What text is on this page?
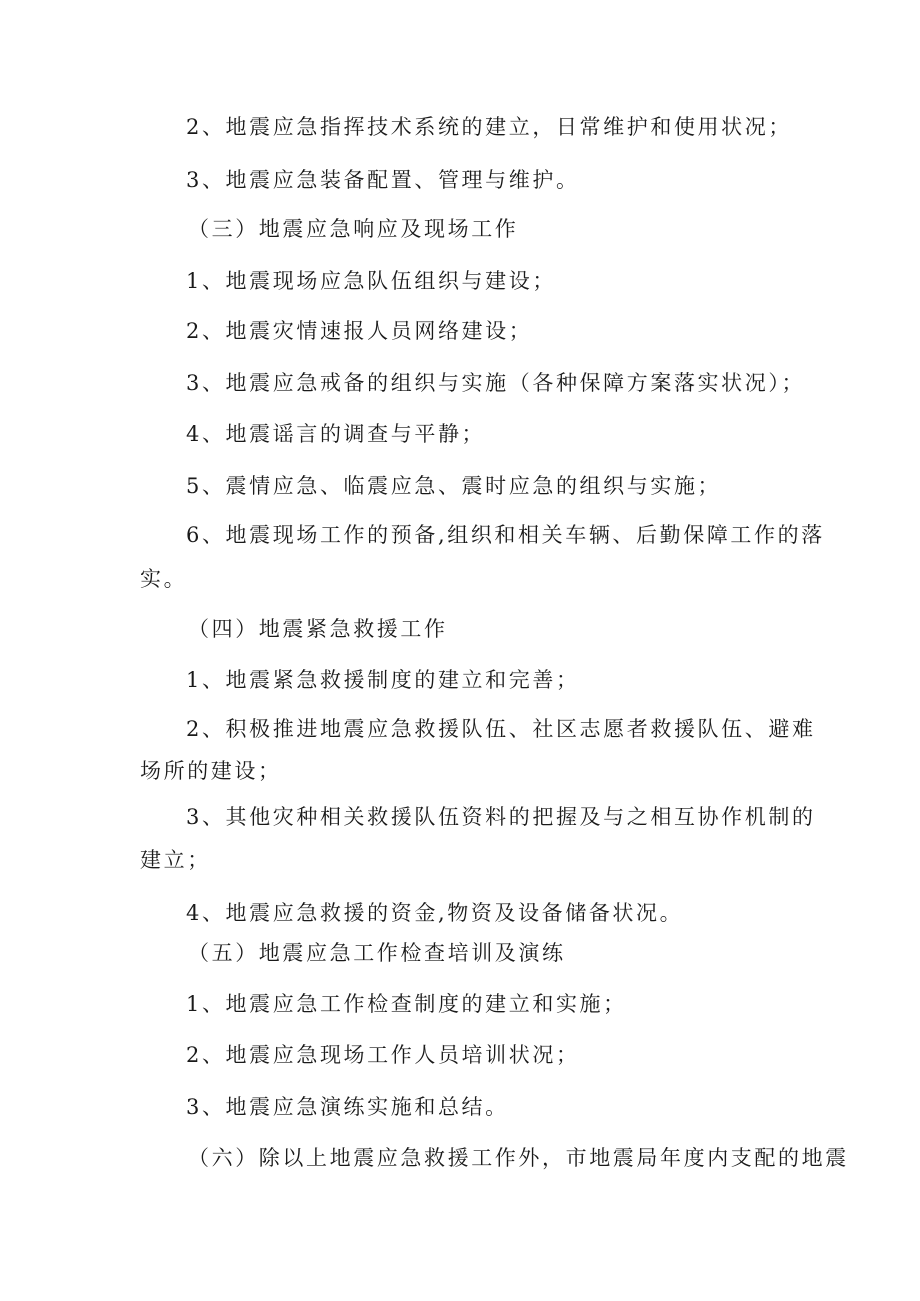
2、地震应急指挥技术系统的建立，日常维护和使用状况；

3、地震应急装备配置、管理与维护。

（三）地震应急响应及现场工作

1、地震现场应急队伍组织与建设；

2、地震灾情速报人员网络建设；

3、地震应急戒备的组织与实施（各种保障方案落实状况）；

4、地震谣言的调查与平静；

5、震情应急、临震应急、震时应急的组织与实施；

6、地震现场工作的预备,组织和相关车辆、后勤保障工作的落

实。

（四）地震紧急救援工作

1、地震紧急救援制度的建立和完善；

2、积极推进地震应急救援队伍、社区志愿者救援队伍、避难

场所的建设；

3、其他灾种相关救援队伍资料的把握及与之相互协作机制的

建立；

4、地震应急救援的资金,物资及设备储备状况。

（五）地震应急工作检查培训及演练

1、地震应急工作检查制度的建立和实施；

2、地震应急现场工作人员培训状况；

3、地震应急演练实施和总结。

（六）除以上地震应急救援工作外，市地震局年度内支配的地震
